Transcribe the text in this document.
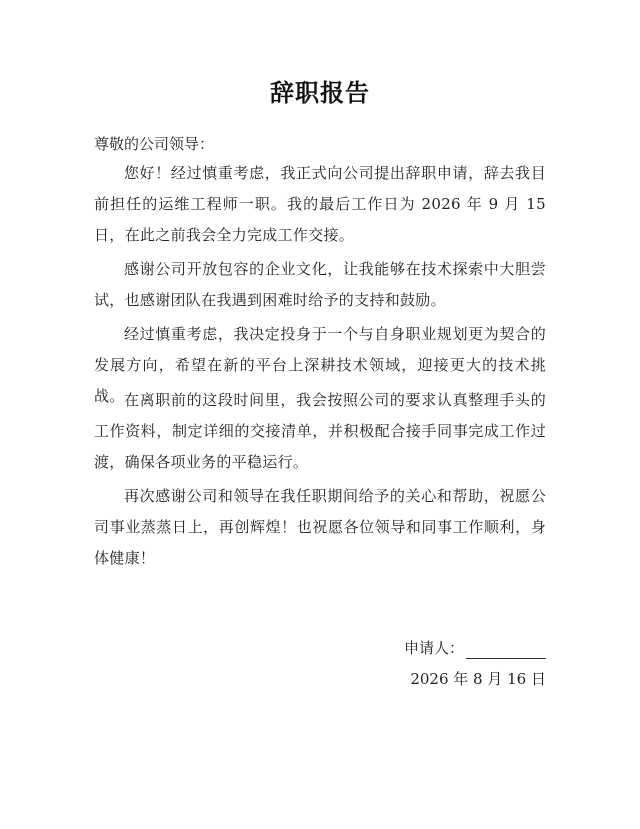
辞职报告
尊敬的公司领导：

您好！经过慎重考虑，我正式向公司提出辞职申请，辞去我目前担任的运维工程师一职。我的最后工作日为 2026 年 9 月 15 日，在此之前我会全力完成工作交接。

感谢公司开放包容的企业文化，让我能够在技术探索中大胆尝试，也感谢团队在我遇到困难时给予的支持和鼓励。

经过慎重考虑，我决定投身于一个与自身职业规划更为契合的发展方向，希望在新的平台上深耕技术领域，迎接更大的技术挑战。 在离职前的这段时间里，我会按照公司的要求认真整理手头的工作资料，制定详细的交接清单，并积极配合接手同事完成工作过渡，确保各项业务的平稳运行。

再次感谢公司和领导在我任职期间给予的关心和帮助，祝愿公司事业蒸蒸日上，再创辉煌！也祝愿各位领导和同事工作顺利，身体健康！

申请人：
2026 年 8 月 16 日
